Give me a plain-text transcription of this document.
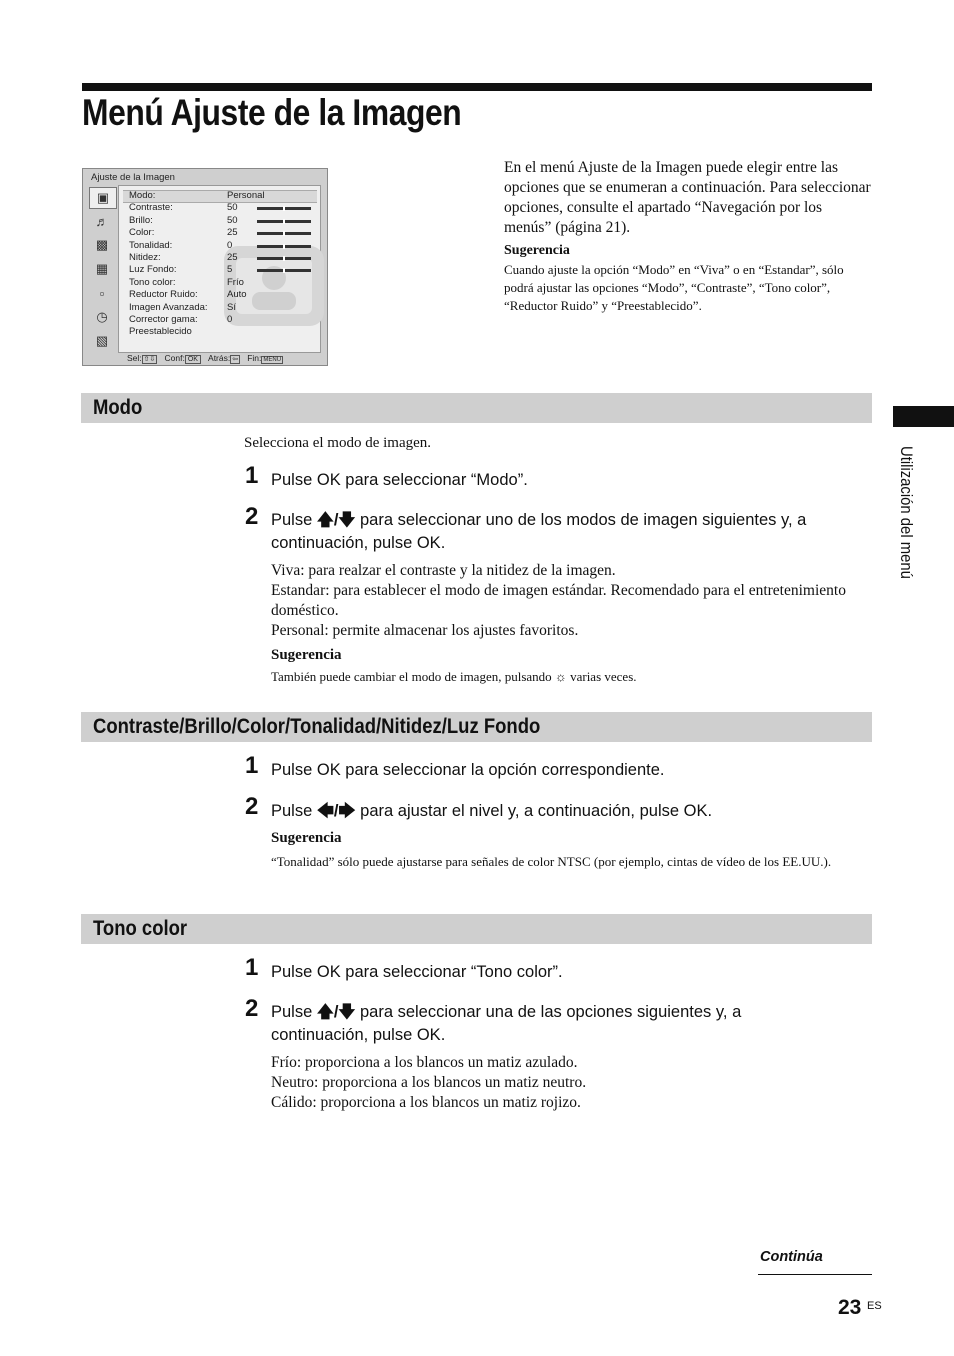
Menú Ajuste de la Imagen
Ajuste de la Imagen
▣
♬
▩
▦
▫
◷
▧
Modo:	Personal
Contraste:	50
Brillo:	50
Color:	25
Tonalidad:	0
Nitidez:	25
Luz Fondo:	5
Tono color:	Frío
Reductor Ruido:	Auto
Imagen Avanzada: Sí
Corrector gama:	0
Preestablecido
Sel: ⇧⇩ Conf: OK Atrás: ⇦ Fin: MENU
En el menú Ajuste de la Imagen puede elegir entre las opciones que se enumeran a continuación. Para seleccionar opciones, consulte el apartado “Navegación por los menús” (página 21).
Sugerencia
Cuando ajuste la opción “Modo” en “Viva” o en “Estandar”, sólo podrá ajustar las opciones “Modo”, “Contraste”, “Tono color”, “Reductor Ruido” y “Preestablecido”.
Utilización del menú
Modo
Selecciona el modo de imagen.
1 Pulse OK para seleccionar “Modo”.
2 Pulse 🡅/🡇 para seleccionar uno de los modos de imagen siguientes y, a continuación, pulse OK.
Viva: para realzar el contraste y la nitidez de la imagen.
Estandar: para establecer el modo de imagen estándar. Recomendado para el entretenimiento doméstico.
Personal: permite almacenar los ajustes favoritos.
Sugerencia
También puede cambiar el modo de imagen, pulsando ☼ varias veces.
Contraste/Brillo/Color/Tonalidad/Nitidez/Luz Fondo
1 Pulse OK para seleccionar la opción correspondiente.
2 Pulse 🡄/🡆 para ajustar el nivel y, a continuación, pulse OK.
Sugerencia
“Tonalidad” sólo puede ajustarse para señales de color NTSC (por ejemplo, cintas de vídeo de los EE.UU.).
Tono color
1 Pulse OK para seleccionar “Tono color”.
2 Pulse 🡅/🡇 para seleccionar una de las opciones siguientes y, a continuación, pulse OK.
Frío: proporciona a los blancos un matiz azulado.
Neutro: proporciona a los blancos un matiz neutro.
Cálido: proporciona a los blancos un matiz rojizo.
Continúa
23 ES
